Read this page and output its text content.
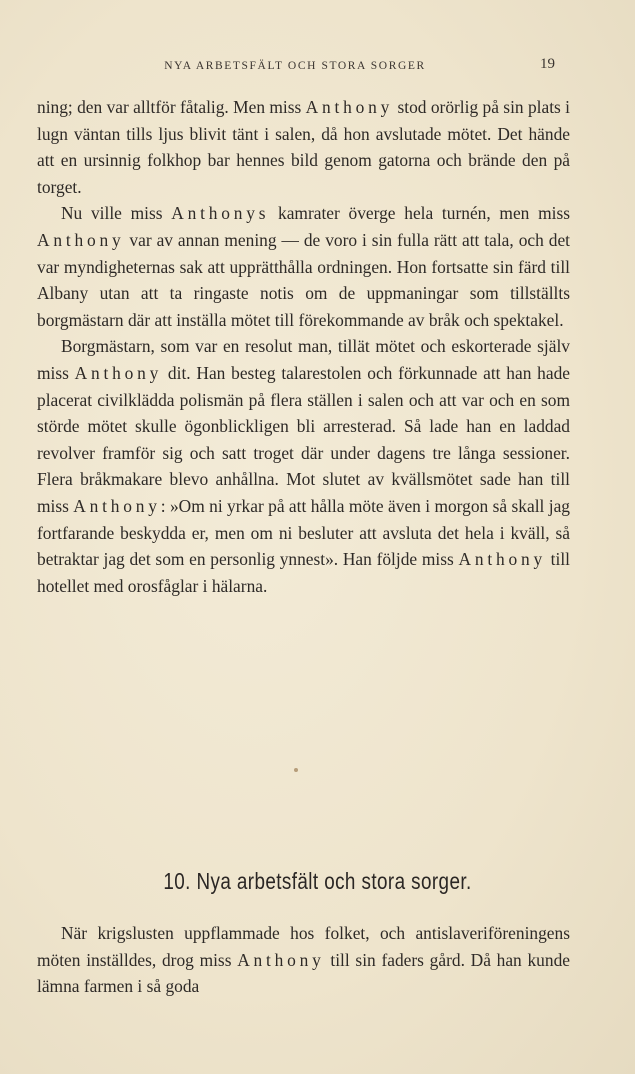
NYA ARBETSFÄLT OCH STORA SORGER	19

ning; den var alltför fåtalig. Men miss Anthony stod orörlig på sin plats i lugn väntan tills ljus blivit tänt i salen, då hon avslutade mötet. Det hände att en ursinnig folkhop bar hennes bild genom gatorna och brände den på torget.

Nu ville miss Anthonys kamrater överge hela turnén, men miss Anthony var av annan mening — de voro i sin fulla rätt att tala, och det var myndigheternas sak att upprätthålla ordningen. Hon fortsatte sin färd till Albany utan att ta ringaste notis om de uppmaningar som tillställts borgmästarn där att inställa mötet till förekommande av bråk och spektakel.

Borgmästarn, som var en resolut man, tillät mötet och eskorterade själv miss Anthony dit. Han besteg talarestolen och förkunnade att han hade placerat civilklädda polismän på flera ställen i salen och att var och en som störde mötet skulle ögonblickligen bli arresterad. Så lade han en laddad revolver framför sig och satt troget där under dagens tre långa sessioner. Flera bråkmakare blevo anhållna. Mot slutet av kvällsmötet sade han till miss Anthony: »Om ni yrkar på att hålla möte även i morgon så skall jag fortfarande beskydda er, men om ni besluter att avsluta det hela i kväll, så betraktar jag det som en personlig ynnest». Han följde miss Anthony till hotellet med orosfåglar i hälarna.

10. Nya arbetsfält och stora sorger.

När krigslusten uppflammade hos folket, och antislaveriföreningens möten inställdes, drog miss Anthony till sin faders gård. Då han kunde lämna farmen i så goda
